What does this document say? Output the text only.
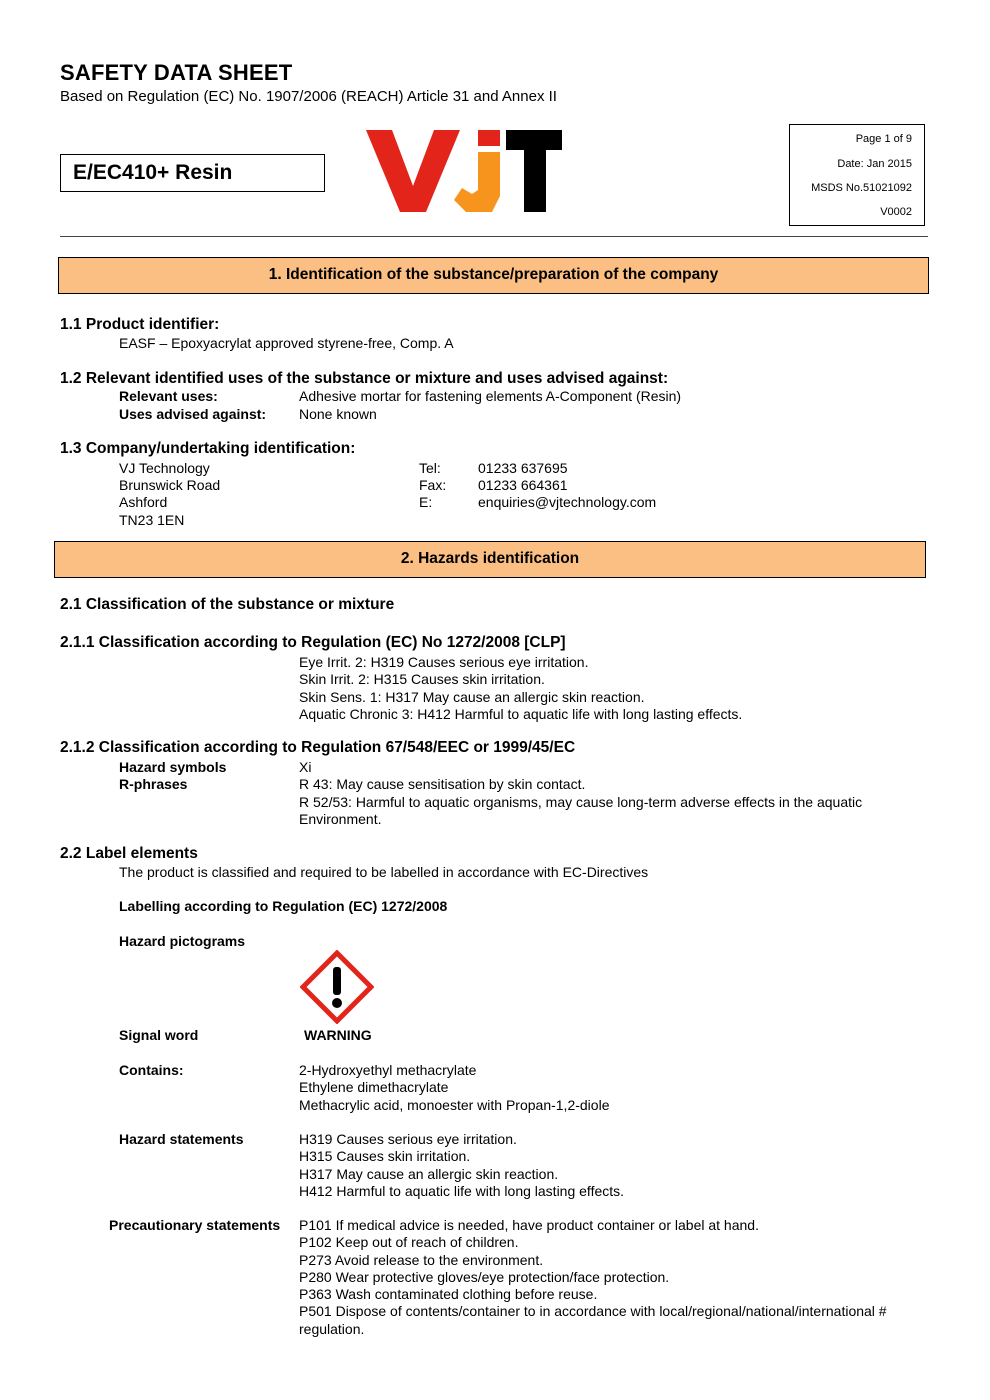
SAFETY DATA SHEET
Based on Regulation (EC) No. 1907/2006 (REACH) Article 31 and Annex II
E/EC410+ Resin
Page 1 of 9
Date: Jan 2015
MSDS No.51021092
V0002
1. Identification of the substance/preparation of the company
1.1 Product identifier:
EASF – Epoxyacrylat approved styrene-free, Comp. A
1.2 Relevant identified uses of the substance or mixture and uses advised against:
Relevant uses:	Adhesive mortar for fastening elements A-Component (Resin)
Uses advised against: None known
1.3 Company/undertaking identification:
VJ Technology
Brunswick Road
Ashford
TN23 1EN
Tel:	01233 637695
Fax: 01233 664361
E:	enquiries@vjtechnology.com
2. Hazards identification
2.1 Classification of the substance or mixture
2.1.1 Classification according to Regulation (EC) No 1272/2008 [CLP]
Eye Irrit. 2: H319 Causes serious eye irritation.
Skin Irrit. 2: H315 Causes skin irritation.
Skin Sens. 1: H317 May cause an allergic skin reaction.
Aquatic Chronic 3: H412 Harmful to aquatic life with long lasting effects.
2.1.2 Classification according to Regulation 67/548/EEC or 1999/45/EC
Hazard symbols	Xi
R-phrases	R 43: May cause sensitisation by skin contact.
R 52/53: Harmful to aquatic organisms, may cause long-term adverse effects in the aquatic
Environment.
2.2 Label elements
The product is classified and required to be labelled in accordance with EC-Directives
Labelling according to Regulation (EC) 1272/2008
Hazard pictograms
Signal word	WARNING
Contains:	2-Hydroxyethyl methacrylate
Ethylene dimethacrylate
Methacrylic acid, monoester with Propan-1,2-diole
Hazard statements	H319 Causes serious eye irritation.
H315 Causes skin irritation.
H317 May cause an allergic skin reaction.
H412 Harmful to aquatic life with long lasting effects.
Precautionary statements P101 If medical advice is needed, have product container or label at hand.
P102 Keep out of reach of children.
P273 Avoid release to the environment.
P280 Wear protective gloves/eye protection/face protection.
P363 Wash contaminated clothing before reuse.
P501 Dispose of contents/container to in accordance with local/regional/national/international #
regulation.
